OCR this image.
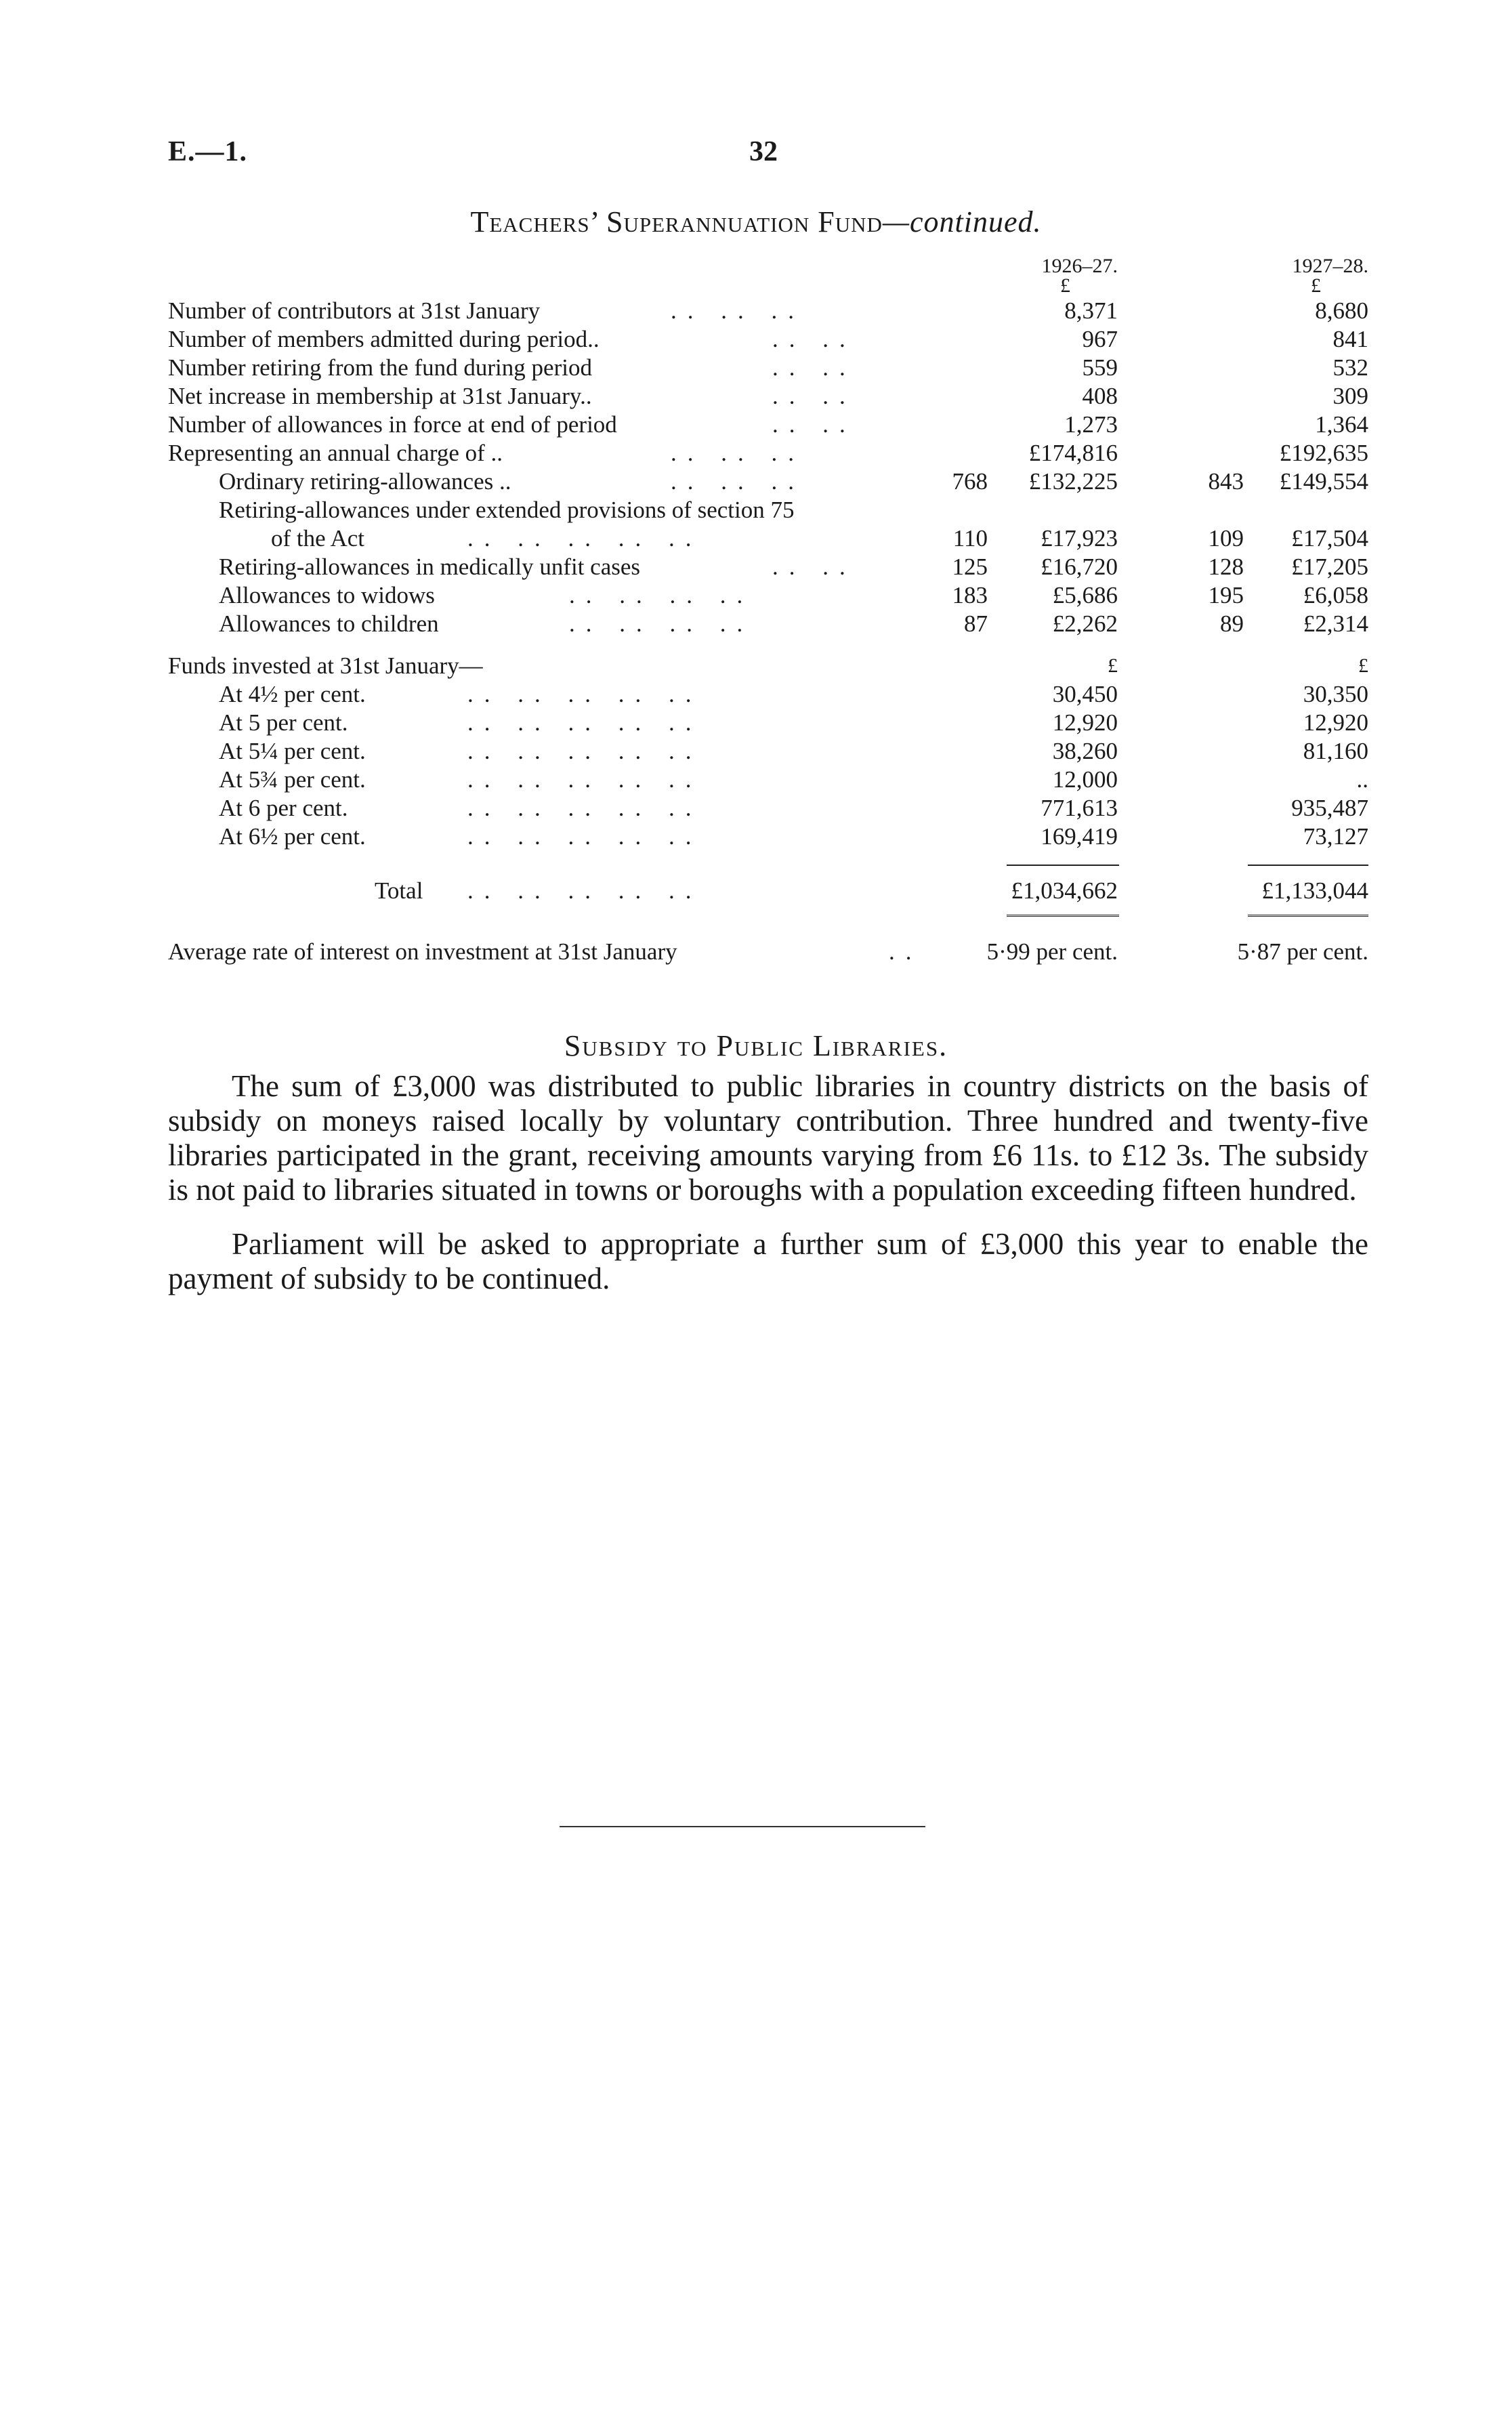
E.—1.	32
Teachers’ Superannuation Fund—continued.
1926–27.	1927–28.
£	£
Number of contributors at 31st January	.. .. ..	8,371	8,680
Number of members admitted during period..	.. ..	967	841
Number retiring from the fund during period	.. ..	559	532
Net increase in membership at 31st January..	.. ..	408	309
Number of allowances in force at end of period	.. ..	1,273	1,364
Representing an annual charge of ..	.. .. ..	£174,816	£192,635
Ordinary retiring-allowances ..	.. .. ..	768	£132,225	843	£149,554
Retiring-allowances under extended provisions of section 75
of the Act	.. .. .. .. ..	110	£17,923	109	£17,504
Retiring-allowances in medically unfit cases	.. ..	125	£16,720	128	£17,205
Allowances to widows	.. .. .. ..	183	£5,686	195	£6,058
Allowances to children	.. .. .. ..	87	£2,262	89	£2,314
Funds invested at 31st January—	£	£
At 4½ per cent.	.. .. .. .. ..	30,450	30,350
At 5 per cent.	.. .. .. .. ..	12,920	12,920
At 5¼ per cent.	.. .. .. .. ..	38,260	81,160
At 5¾ per cent.	.. .. .. .. ..	12,000	..
At 6 per cent.	.. .. .. .. ..	771,613	935,487
At 6½ per cent.	.. .. .. .. ..	169,419	73,127
Total .. .. .. .. ..	£1,034,662	£1,133,044
Average rate of interest on investment at 31st January	..	5·99 per cent.	5·87 per cent.
Subsidy to Public Libraries.
The sum of £3,000 was distributed to public libraries in country districts on the basis of subsidy on moneys raised locally by voluntary contribution. Three hundred and twenty-five libraries participated in the grant, receiving amounts varying from £6 11s. to £12 3s. The subsidy is not paid to libraries situated in towns or boroughs with a population exceeding fifteen hundred.
Parliament will be asked to appropriate a further sum of £3,000 this year to enable the payment of subsidy to be continued.
